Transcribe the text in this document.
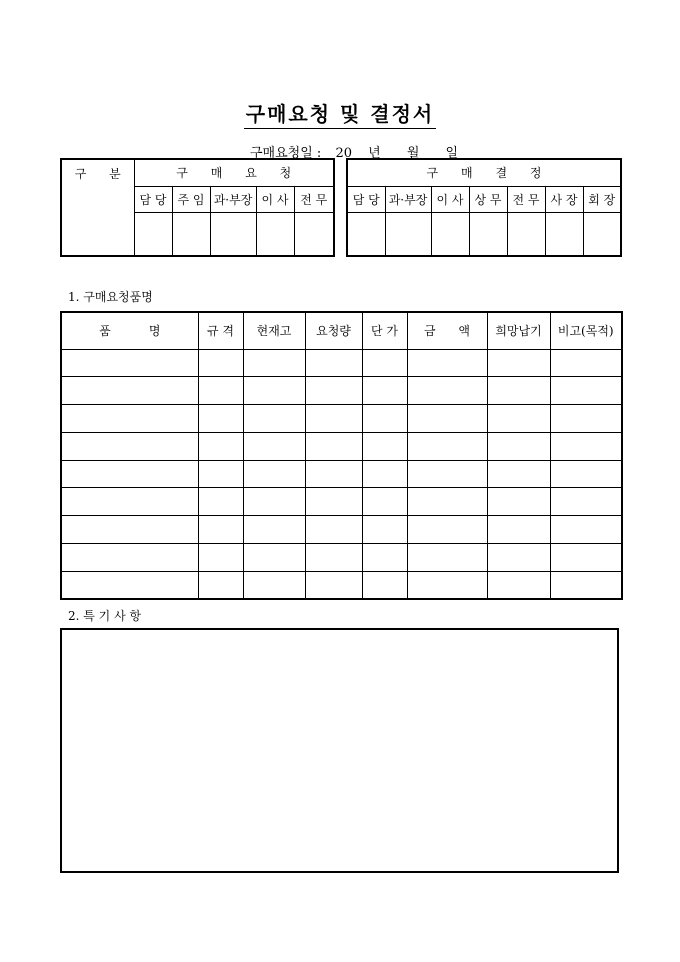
구매요청 및 결정서
구매요청일 : 20 년 월 일
구      분	구      매      요      청				
	담 당	주 임	과·부장	이 사	전 무

구      매      결      정						
담 당	과·부장	이 사	상 무	전 무	사 장	회 장

1. 구매요청품명
품          명	규 격	현재고	요청량	단 가	금      액	희망납기	비고(목적)

2. 특 기 사 항
